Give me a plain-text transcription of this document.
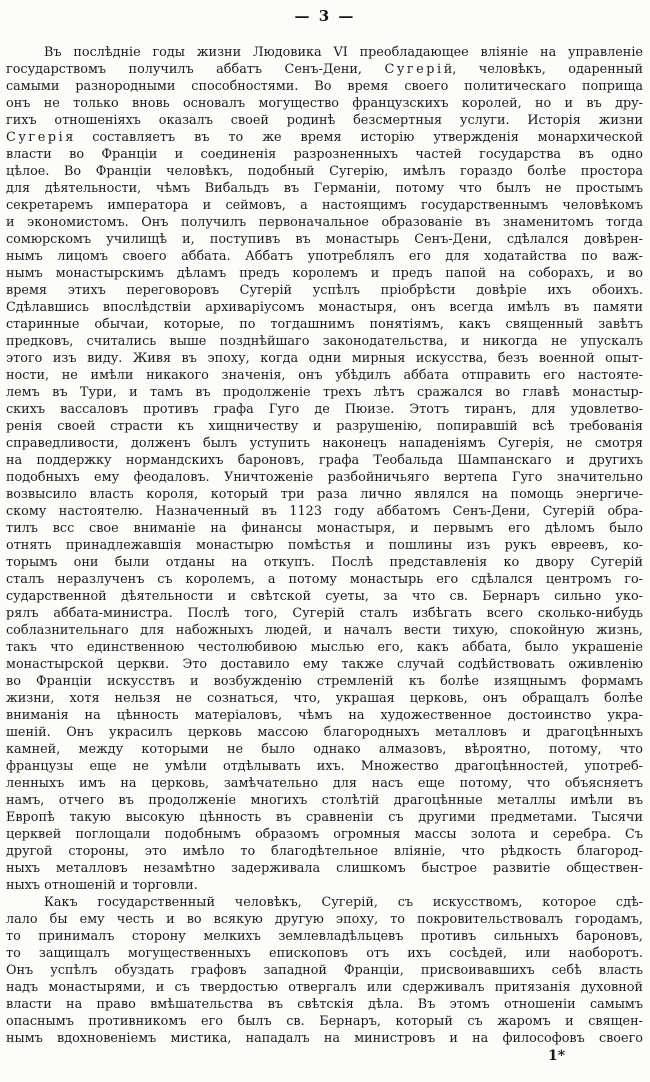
— 3 —
Въ послѣдніе годы жизни Людовика VI преобладающее вліяніе на управленіе
государствомъ получилъ аббатъ Сенъ-Дени, С у г е р і й, человѣкъ, одаренный
самыми разнородными способностями. Во время своего политическаго поприща
онъ не только вновь основалъ могущество французскихъ королей, но и въ дру-
гихъ отношеніяхъ оказалъ своей родинѣ безсмертныя услуги. Исторія жизни
С у г е р і я составляетъ въ то же время исторію утвержденія монархической
власти во Франціи и соединенія разрозненныхъ частей государства въ одно
цѣлое. Во Франціи человѣкъ, подобный Сугерію, имѣлъ гораздо болѣе простора
для дѣятельности, чѣмъ Вибальдъ въ Германіи, потому что былъ не простымъ
секретаремъ императора и сеймовъ, а настоящимъ государственнымъ человѣкомъ
и экономистомъ. Онъ получилъ первоначальное образованіе въ знаменитомъ тогда
сомюрскомъ училищѣ и, поступивъ въ монастырь Сенъ-Дени, сдѣлался довѣрен-
нымъ лицомъ своего аббата. Аббатъ употреблялъ его для ходатайства по важ-
нымъ монастырскимъ дѣламъ предъ королемъ и предъ папой на соборахъ, и во
время этихъ переговоровъ Сугерій успѣлъ пріобрѣсти довѣріе ихъ обоихъ.
Сдѣлавшись впослѣдствіи архиваріусомъ монастыря, онъ всегда имѣлъ въ памяти
старинные обычаи, которые, по тогдашнимъ понятіямъ, какъ священный завѣтъ
предковъ, считались выше позднѣйшаго законодательства, и никогда не упускалъ
этого изъ виду. Живя въ эпоху, когда одни мирныя искусства, безъ военной опыт-
ности, не имѣли никакого значенія, онъ убѣдилъ аббата отправить его настояте-
лемъ въ Тури, и тамъ въ продолженіе трехъ лѣтъ сражался во главѣ монастыр-
скихъ вассаловъ противъ графа Гуго де Пюизе. Этотъ тиранъ, для удовлетво-
ренія своей страсти къ хищничеству и разрушенію, попиравшій всѣ требованія
справедливости, долженъ былъ уступить наконецъ нападеніямъ Сугерія, не смотря
на поддержку нормандскихъ бароновъ, графа Теобальда Шампанскаго и другихъ
подобныхъ ему феодаловъ. Уничтоженіе разбойничьяго вертепа Гуго значительно
возвысило власть короля, который три раза лично являлся на помощь энергиче-
скому настоятелю. Назначенный въ 1123 году аббатомъ Сенъ-Дени, Сугерій обра-
тилъ всс свое вниманіе на финансы монастыря, и первымъ его дѣломъ было
отнять принадлежавшія монастырю помѣстья и пошлины изъ рукъ евреевъ, ко-
торымъ они были отданы на откупъ. Послѣ представленія ко двору Сугерій
сталъ неразлученъ съ королемъ, а потому монастырь его сдѣлался центромъ го-
сударственной дѣятельности и свѣтской суеты, за что св. Бернаръ сильно уко-
рялъ аббата-министра. Послѣ того, Сугерій сталъ избѣгать всего сколько-нибудь
соблазнительнаго для набожныхъ людей, и началъ вести тихую, спокойную жизнь,
такъ что единственною честолюбивою мыслью его, какъ аббата, было украшеніе
монастырской церкви. Это доставило ему также случай содѣйствовать оживленію
во Франціи искусствъ и возбужденію стремленій къ болѣе изящнымъ формамъ
жизни, хотя нельзя не сознаться, что, украшая церковь, онъ обращалъ болѣе
вниманія на цѣнность матеріаловъ, чѣмъ на художественное достоинство укра-
шеній. Онъ украсилъ церковь массою благородныхъ металловъ и драгоцѣнныхъ
камней, между которыми не было однако алмазовъ, вѣроятно, потому, что
французы еще не умѣли отдѣлывать ихъ. Множество драгоцѣнностей, употреб-
ленныхъ имъ на церковь, замѣчательно для насъ еще потому, что объясняетъ
намъ, отчего въ продолженіе многихъ столѣтій драгоцѣнные металлы имѣли въ
Европѣ такую высокую цѣнность въ сравненіи съ другими предметами. Тысячи
церквей поглощали подобнымъ образомъ огромныя массы золота и серебра. Съ
другой стороны, это имѣло то благодѣтельное вліяніе, что рѣдкость благород-
ныхъ металловъ незамѣтно задерживала слишкомъ быстрое развитіе обществен-
ныхъ отношеній и торговли.
Какъ государственный человѣкъ, Сугерій, съ искусствомъ, которое сдѣ-
лало бы ему честь и во всякую другую эпоху, то покровительствовалъ городамъ,
то принималъ сторону мелкихъ землевладѣльцевъ противъ сильныхъ бароновъ,
то защищалъ могущественныхъ епископовъ отъ ихъ сосѣдей, или наоборотъ.
Онъ успѣлъ обуздать графовъ западной Франціи, присвоивавшихъ себѣ власть
надъ монастырями, и съ твердостью отвергалъ или сдерживалъ притязанія духовной
власти на право вмѣшательства въ свѣтскія дѣла. Въ этомъ отношеніи самымъ
опаснымъ противникомъ его былъ св. Бернаръ, который съ жаромъ и священ-
нымъ вдохновеніемъ мистика, нападалъ на министровъ и на философовъ своего
1*
